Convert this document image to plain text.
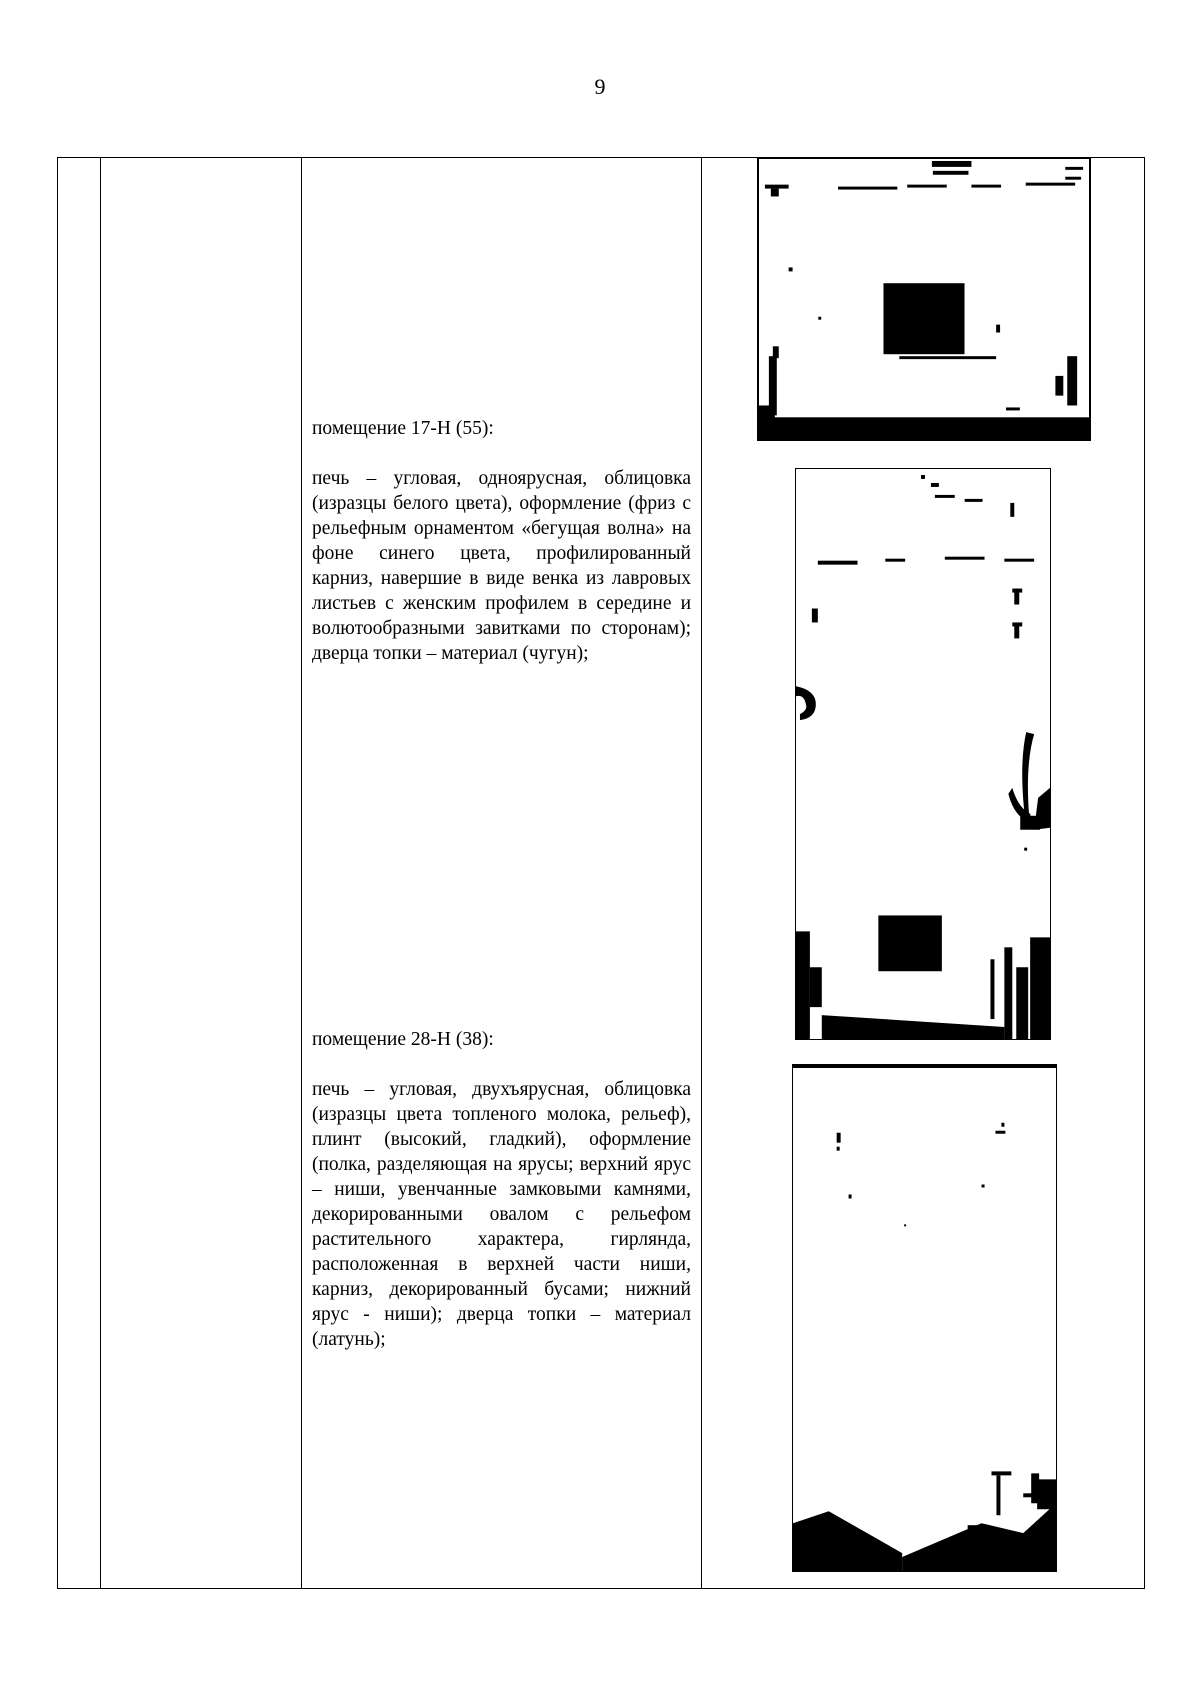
9

помещение 17-Н (55):

печь – угловая, одноярусная, облицовка (изразцы белого цвета), оформление (фриз с рельефным орнаментом «бегущая волна» на фоне синего цвета, профилированный карниз, навершие в виде венка из лавровых листьев с женским профилем в середине и волютообразными завитками по сторонам); дверца топки – материал (чугун);

помещение 28-Н (38):

печь – угловая, двухъярусная, облицовка (изразцы цвета топленого молока, рельеф), плинт (высокий, гладкий), оформление (полка, разделяющая на ярусы; верхний ярус – ниши, увенчанные замковыми камнями, декорированными овалом с рельефом растительного характера, гирлянда, расположенная в верхней части ниши, карниз, декорированный бусами; нижний ярус - ниши); дверца топки – материал (латунь);
